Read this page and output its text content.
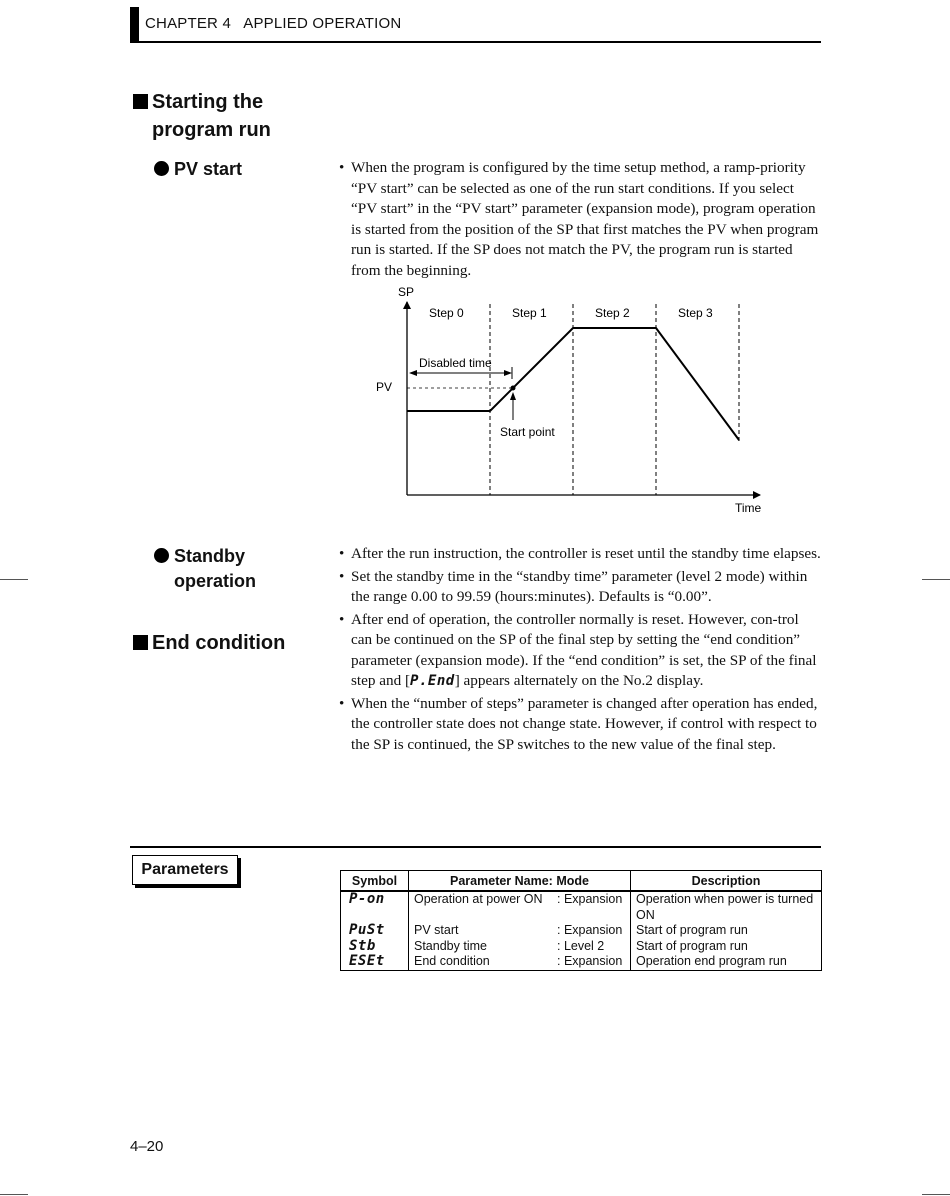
CHAPTER 4   APPLIED OPERATION
Starting the
program run
PV start	• When the program is configured by the time setup method, a ramp-priority “PV start” can be selected as one of the run start conditions. If you select “PV start” in the “PV start” parameter (expansion mode), program operation is started from the position of the SP that first matches the PV when program run is started. If the SP does not match the PV, the program run is started from the beginning.
SP
Time
Step 0	Step 1	Step 2	Step 3
PV
Disabled time
Start point
Standby
operation
End condition
• After the run instruction, the controller is reset until the standby time elapses.
• Set the standby time in the “standby time” parameter (level 2 mode) within the range 0.00 to 99.59 (hours:minutes). Defaults is “0.00”.
• After end of operation, the controller normally is reset. However, con-trol can be continued on the SP of the final step by setting the “end condition” parameter (expansion mode). If the “end condition” is set, the SP of the final step and [P.End] appears alternately on the No.2 display.
• When the “number of steps” parameter is changed after operation has ended, the controller state does not change state. However, if control with respect to the SP is continued, the SP switches to the new value of the final step.
Parameters
Symbol	Parameter Name: Mode	Description
P-on	Operation at power ON : Expansion	Operation when power is turned ON
PuSt	PV start : Expansion	Start of program run
Stb	Standby time : Level 2	Start of program run
ESEt	End condition : Expansion	Operation end program run
4–20
